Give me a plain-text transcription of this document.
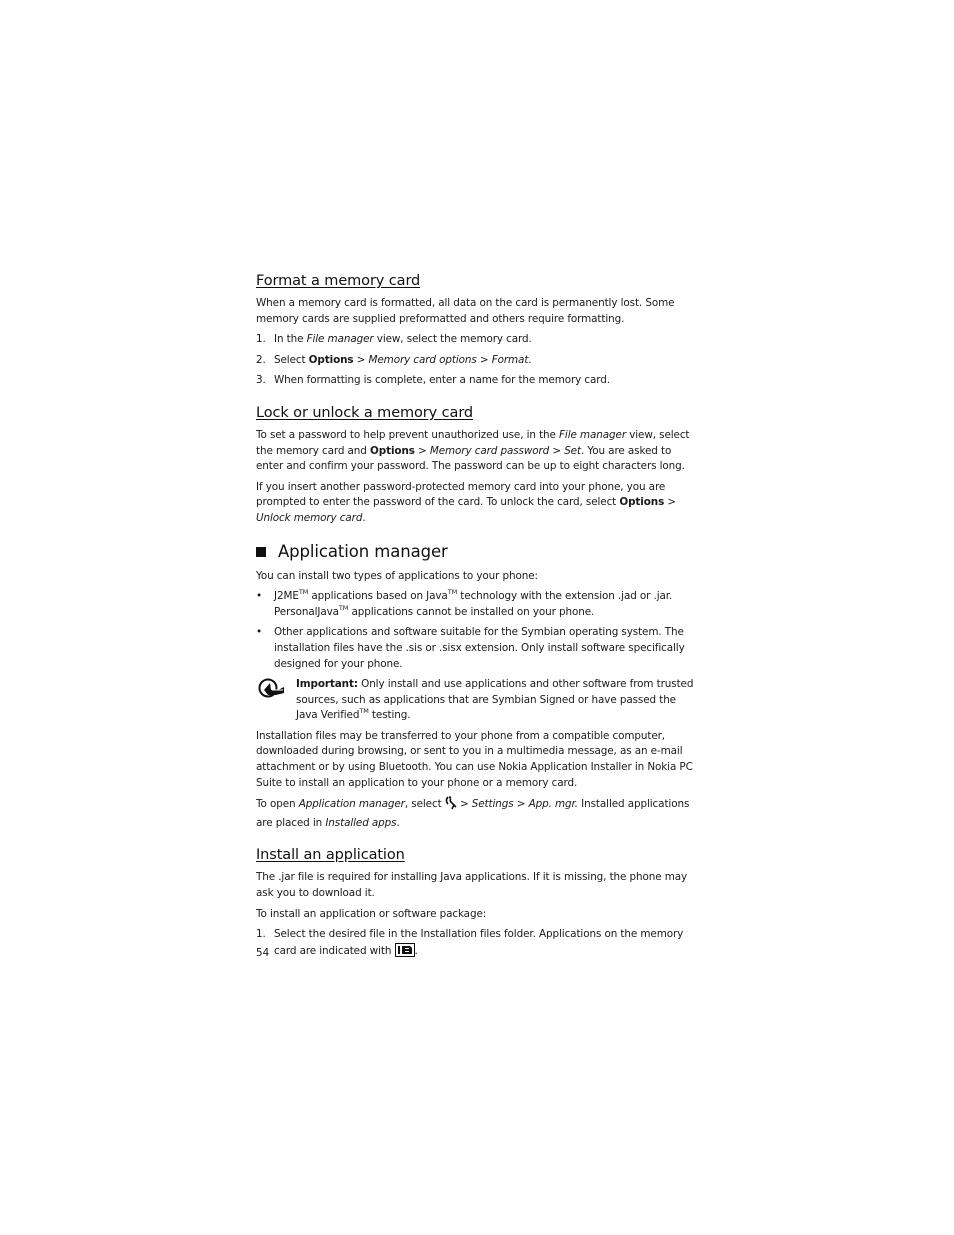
Format a memory card

When a memory card is formatted, all data on the card is permanently lost. Some memory cards are supplied preformatted and others require formatting.

1. In the File manager view, select the memory card.
2. Select Options > Memory card options > Format.
3. When formatting is complete, enter a name for the memory card.
Lock or unlock a memory card

To set a password to help prevent unauthorized use, in the File manager view, select the memory card and Options > Memory card password > Set. You are asked to enter and confirm your password. The password can be up to eight characters long.

If you insert another password-protected memory card into your phone, you are prompted to enter the password of the card. To unlock the card, select Options > Unlock memory card.

Application manager

You can install two types of applications to your phone:

• J2ME™ applications based on Java™ technology with the extension .jad or .jar. PersonalJava™ applications cannot be installed on your phone.
• Other applications and software suitable for the Symbian operating system. The installation files have the .sis or .sisx extension. Only install software specifically designed for your phone.
Important: Only install and use applications and other software from trusted sources, such as applications that are Symbian Signed or have passed the Java Verified™ testing.

Installation files may be transferred to your phone from a compatible computer, downloaded during browsing, or sent to you in a multimedia message, as an e-mail attachment or by using Bluetooth. You can use Nokia Application Installer in Nokia PC Suite to install an application to your phone or a memory card.

To open Application manager, select  > Settings > App. mgr. Installed applications are placed in Installed apps.

Install an application

The .jar file is required for installing Java applications. If it is missing, the phone may ask you to download it.

To install an application or software package:

1. Select the desired file in the Installation files folder. Applications on the memory card are indicated with .
54
